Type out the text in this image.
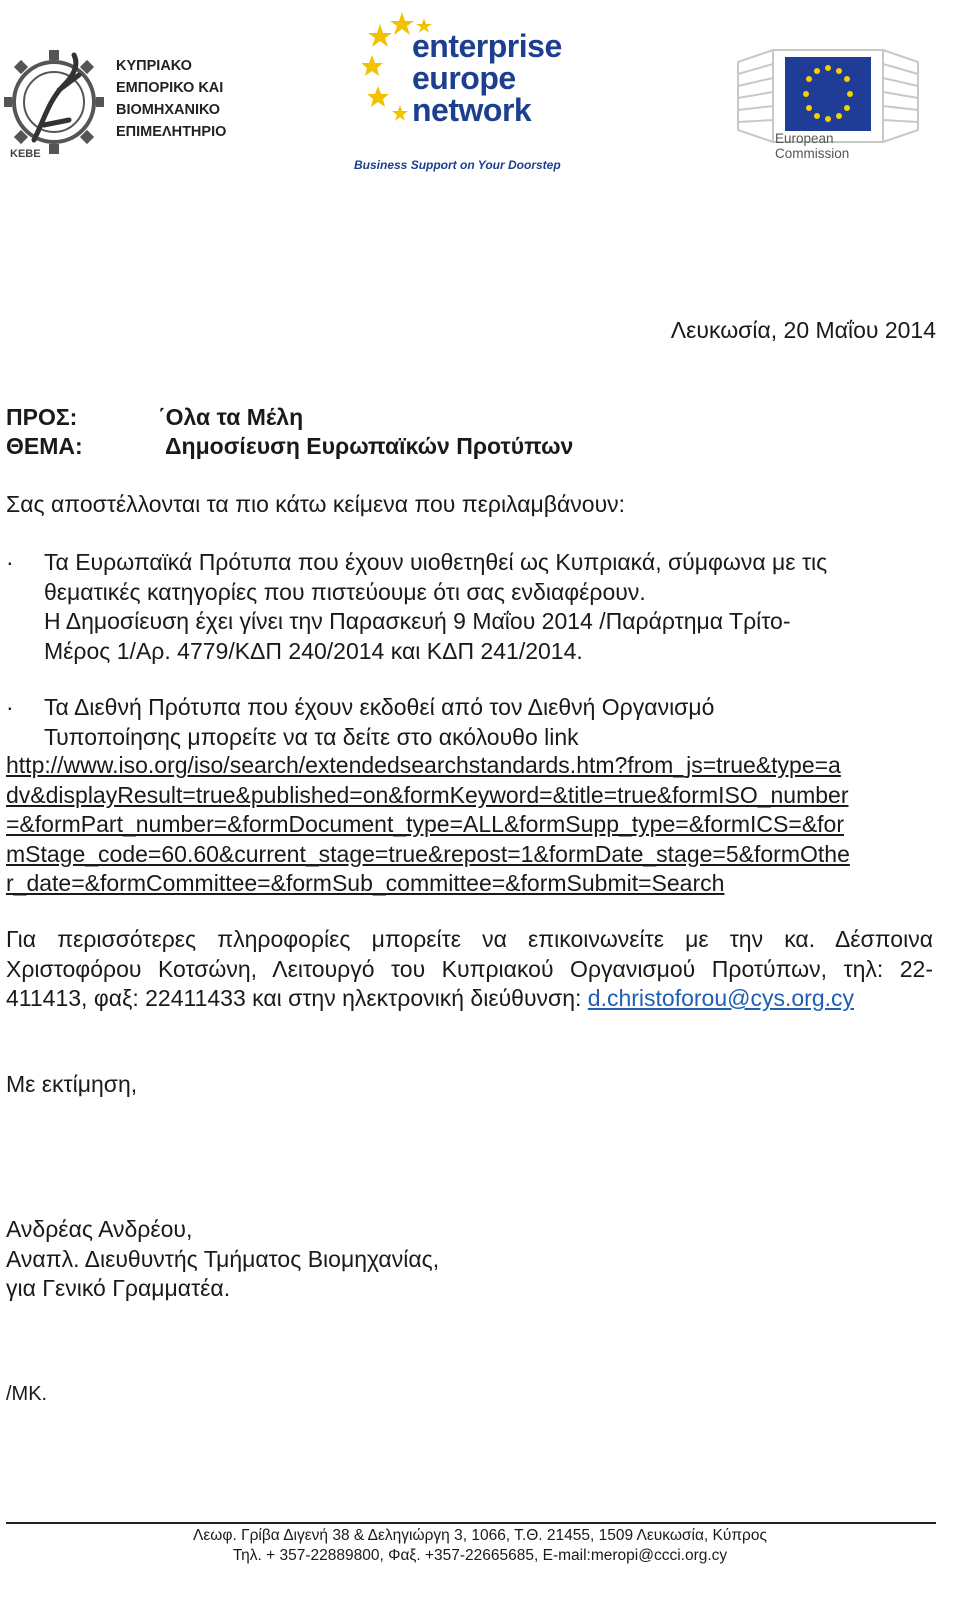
ΚΕΒΕ
ΚΥΠΡΙΑΚΟ
ΕΜΠΟΡΙΚΟ ΚΑΙ
ΒΙΟΜΗΧΑΝΙΚΟ
ΕΠΙΜΕΛΗΤΗΡΙΟ
enterprise
europe
network
Business Support on Your Doorstep
European
Commission
Λευκωσία, 20 Μαΐου 2014
ΠΡΟΣ:	΄Ολα τα Μέλη
ΘΕΜΑ:	Δημοσίευση Ευρωπαϊκών Προτύπων
Σας αποστέλλονται τα πιο κάτω κείμενα που περιλαμβάνουν:
· Τα Ευρωπαϊκά Πρότυπα που έχουν υιοθετηθεί ως Κυπριακά, σύμφωνα με τις
θεματικές κατηγορίες που πιστεύουμε ότι σας ενδιαφέρουν.
Η Δημοσίευση έχει γίνει την Παρασκευή 9 Μαΐου 2014 /Παράρτημα Τρίτο-
Μέρος 1/Αρ. 4779/ΚΔΠ 240/2014 και ΚΔΠ 241/2014.
· Τα Διεθνή Πρότυπα που έχουν εκδοθεί από τον Διεθνή Οργανισμό
Τυποποίησης μπορείτε να τα δείτε στο ακόλουθο link
http://www.iso.org/iso/search/extendedsearchstandards.htm?from_js=true&type=a
dv&displayResult=true&published=on&formKeyword=&title=true&formISO_number
=&formPart_number=&formDocument_type=ALL&formSupp_type=&formICS=&for
mStage_code=60.60&current_stage=true&repost=1&formDate_stage=5&formOthe
r_date=&formCommittee=&formSub_committee=&formSubmit=Search
Για περισσότερες πληροφορίες μπορείτε να επικοινωνείτε με την κα. Δέσποινα Χριστοφόρου Κοτσώνη, Λειτουργό του Κυπριακού Οργανισμού Προτύπων, τηλ: 22-411413, φαξ: 22411433 και στην ηλεκτρονική διεύθυνση: d.christoforou@cys.org.cy
Με εκτίμηση,
Ανδρέας Ανδρέου,
Αναπλ. Διευθυντής Τμήματος Βιομηχανίας,
για Γενικό Γραμματέα.
/ΜΚ.
Λεωφ. Γρίβα Διγενή 38 & Δεληγιώργη 3, 1066, Τ.Θ. 21455, 1509 Λευκωσία, Κύπρος
Τηλ. + 357-22889800, Φαξ. +357-22665685, E-mail:meropi@ccci.org.cy
